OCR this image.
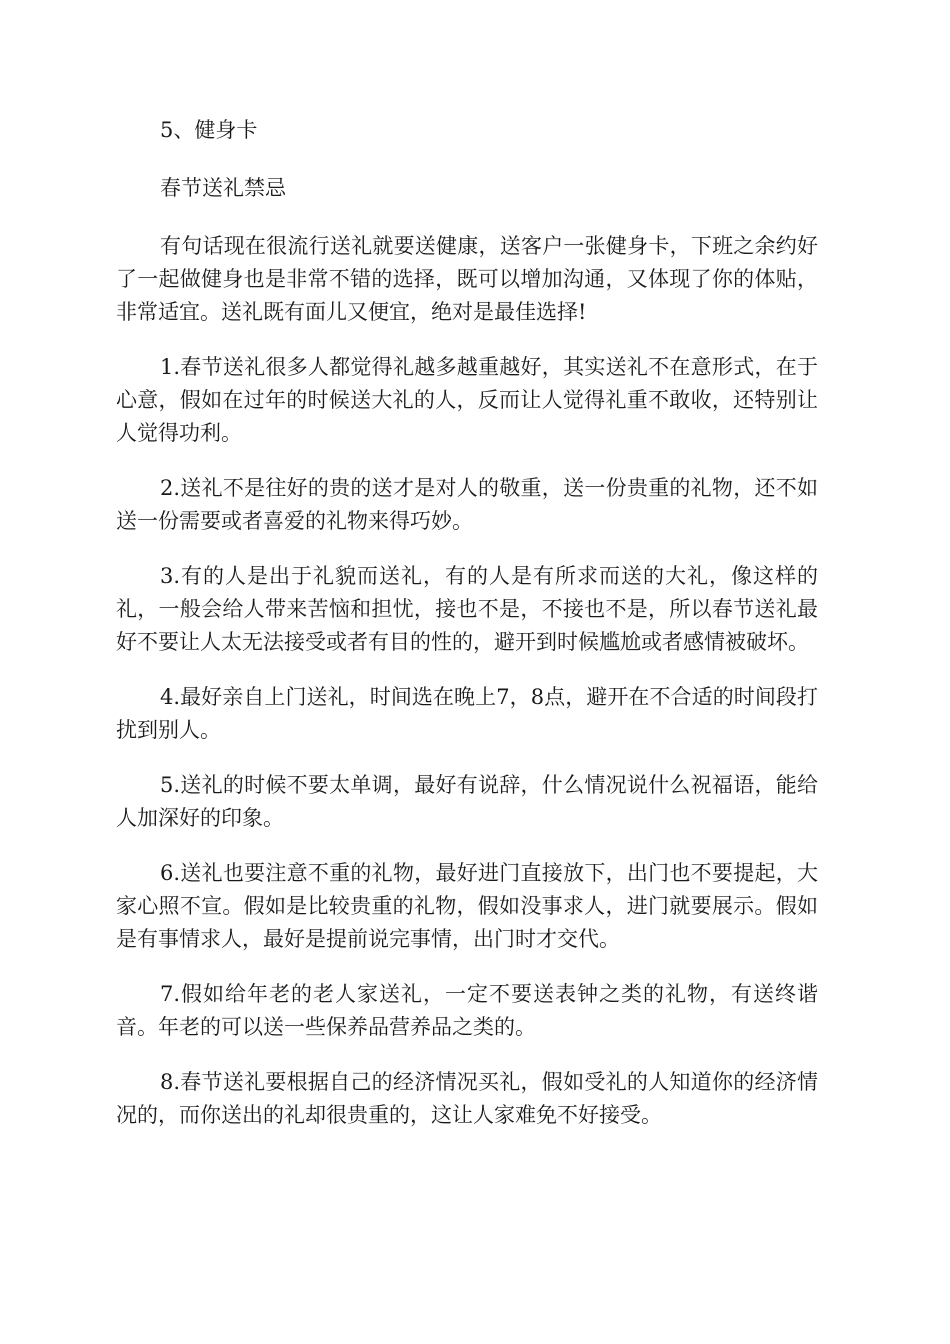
5、健身卡

春节送礼禁忌

有句话现在很流行送礼就要送健康，送客户一张健身卡，下班之余约好了一起做健身也是非常不错的选择，既可以增加沟通，又体现了你的体贴，非常适宜。送礼既有面儿又便宜，绝对是最佳选择!

1.春节送礼很多人都觉得礼越多越重越好，其实送礼不在意形式，在于心意，假如在过年的时候送大礼的人，反而让人觉得礼重不敢收，还特别让人觉得功利。

2.送礼不是往好的贵的送才是对人的敬重，送一份贵重的礼物，还不如送一份需要或者喜爱的礼物来得巧妙。

3.有的人是出于礼貌而送礼，有的人是有所求而送的大礼，像这样的礼，一般会给人带来苦恼和担忧，接也不是，不接也不是，所以春节送礼最好不要让人太无法接受或者有目的性的，避开到时候尴尬或者感情被破坏。

4.最好亲自上门送礼，时间选在晚上7，8点，避开在不合适的时间段打扰到别人。

5.送礼的时候不要太单调，最好有说辞，什么情况说什么祝福语，能给人加深好的印象。

6.送礼也要注意不重的礼物，最好进门直接放下，出门也不要提起，大家心照不宣。假如是比较贵重的礼物，假如没事求人，进门就要展示。假如是有事情求人，最好是提前说完事情，出门时才交代。

7.假如给年老的老人家送礼，一定不要送表钟之类的礼物，有送终谐音。年老的可以送一些保养品营养品之类的。

8.春节送礼要根据自己的经济情况买礼，假如受礼的人知道你的经济情况的，而你送出的礼却很贵重的，这让人家难免不好接受。
